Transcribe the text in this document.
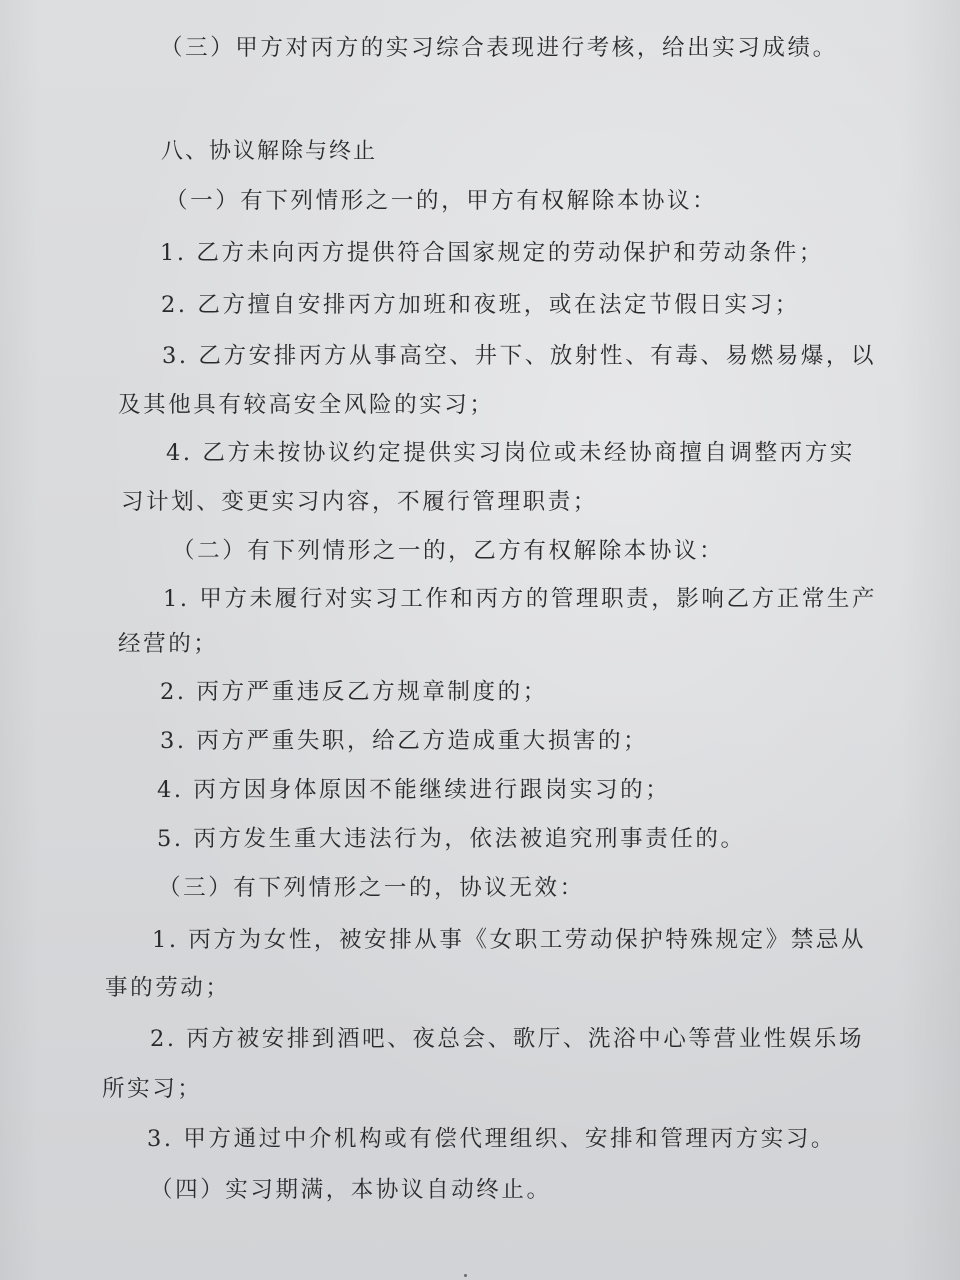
（三）甲方对丙方的实习综合表现进行考核，给出实习成绩。
八、协议解除与终止
（一）有下列情形之一的，甲方有权解除本协议：
1. 乙方未向丙方提供符合国家规定的劳动保护和劳动条件；
2. 乙方擅自安排丙方加班和夜班，或在法定节假日实习；
3. 乙方安排丙方从事高空、井下、放射性、有毒、易燃易爆，以
及其他具有较高安全风险的实习；
4. 乙方未按协议约定提供实习岗位或未经协商擅自调整丙方实
习计划、变更实习内容，不履行管理职责；
（二）有下列情形之一的，乙方有权解除本协议：
1. 甲方未履行对实习工作和丙方的管理职责，影响乙方正常生产
经营的；
2. 丙方严重违反乙方规章制度的；
3. 丙方严重失职，给乙方造成重大损害的；
4. 丙方因身体原因不能继续进行跟岗实习的；
5. 丙方发生重大违法行为，依法被追究刑事责任的。
（三）有下列情形之一的，协议无效：
1. 丙方为女性，被安排从事《女职工劳动保护特殊规定》禁忌从
事的劳动；
2. 丙方被安排到酒吧、夜总会、歌厅、洗浴中心等营业性娱乐场
所实习；
3. 甲方通过中介机构或有偿代理组织、安排和管理丙方实习。
（四）实习期满，本协议自动终止。
